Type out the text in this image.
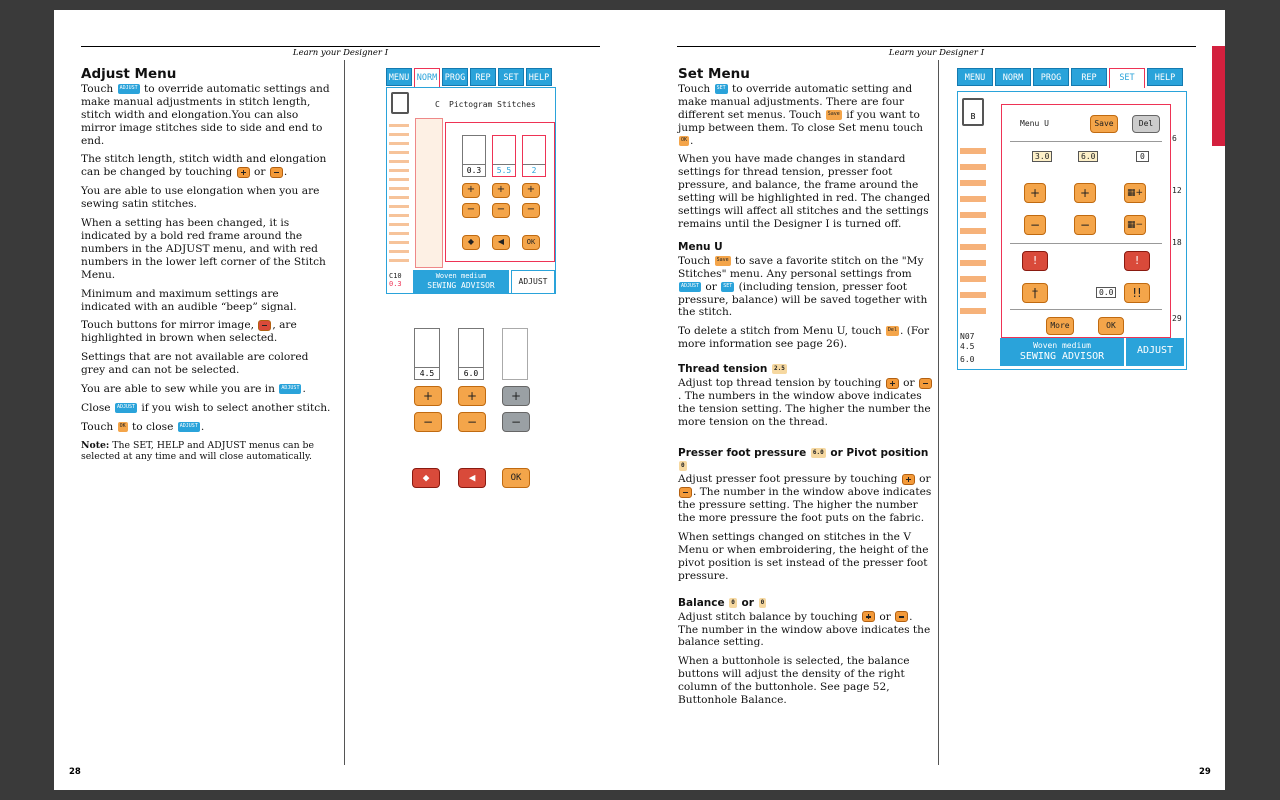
Learn your Designer I
28
Adjust Menu

Touch ADJUST to override automatic settings and make manual adjustments in stitch length, stitch width and elongation.You can also mirror image stitches side to side and end to end.

The stitch length, stitch width and elongation can be changed by touching  or .

You are able to use elongation when you are sewing satin stitches.

When a setting has been changed, it is indicated by a bold red frame around the numbers in the ADJUST menu, and with red numbers in the lower left corner of the Stitch Menu.

Minimum and maximum settings are indicated with an audible “beep” signal.

Touch buttons for mirror image, , are highlighted in brown when selected.

Settings that are not available are colored grey and can not be selected.

You are able to sew while you are in ADJUST .

Close ADJUST if you wish to select another stitch.

Touch OK to close ADJUST .

Note: The SET, HELP and ADJUST menus can be selected at any time and will close automatically.

MENU NORM PROG	REP	SET	HELP
C Pictogram Stitches
0.3	5.5	2
+	+	+
−	−	−
◆	◀	OK
C10
0.3
Woven medium
SEWING ADVISOR	ADJUST
4.5	6.0
+	+	+
−	−	−
◆	◀	OK
Learn your Designer I
29
Set Menu

Touch SET to override automatic setting and make manual adjustments. There are four different set menus. Touch Save if you want to jump between them. To close Set menu touch OK .

When you have made changes in standard settings for thread tension, presser foot pressure, and balance, the frame around the setting will be highlighted in red. The changed settings will affect all stitches and the settings remains until the Designer I is turned off.

Menu U

Touch Save to save a favorite stitch on the "My Stitches" menu. Any personal settings from ADJUST or SET (including tension, presser foot pressure, balance) will be saved together with the stitch.

To delete a stitch from Menu U, touch Del . (For more information see page 26).

Thread tension 2.5

Adjust top thread tension by touching  or . The numbers in the window above indicates the tension setting. The higher the number the more tension on the thread.

Presser foot pressure 6.0 or Pivot position 0

Adjust presser foot pressure by touching  or . The number in the window above indicates the pressure setting. The higher the number the more pressure the foot puts on the fabric.

When settings changed on stitches in the V Menu or when embroidering, the height of the pivot position is set instead of the presser foot pressure.

Balance 0 or 0

Adjust stitch balance by touching  or . The number in the window above indicates the balance setting.

When a buttonhole is selected, the balance buttons will adjust the density of the right column of the buttonhole. See page 52, Buttonhole Balance.

MENU	NORM	PROG	REP	SET	HELP
B
6
12
18
29
N07
4.5
6.0
Woven medium
SEWING ADVISOR
ADJUST
Menu U	Save	Del
3.0	6.0	0
+	+	▦+
−	−	▦−
!	!
†	0.0	!!
More	OK
